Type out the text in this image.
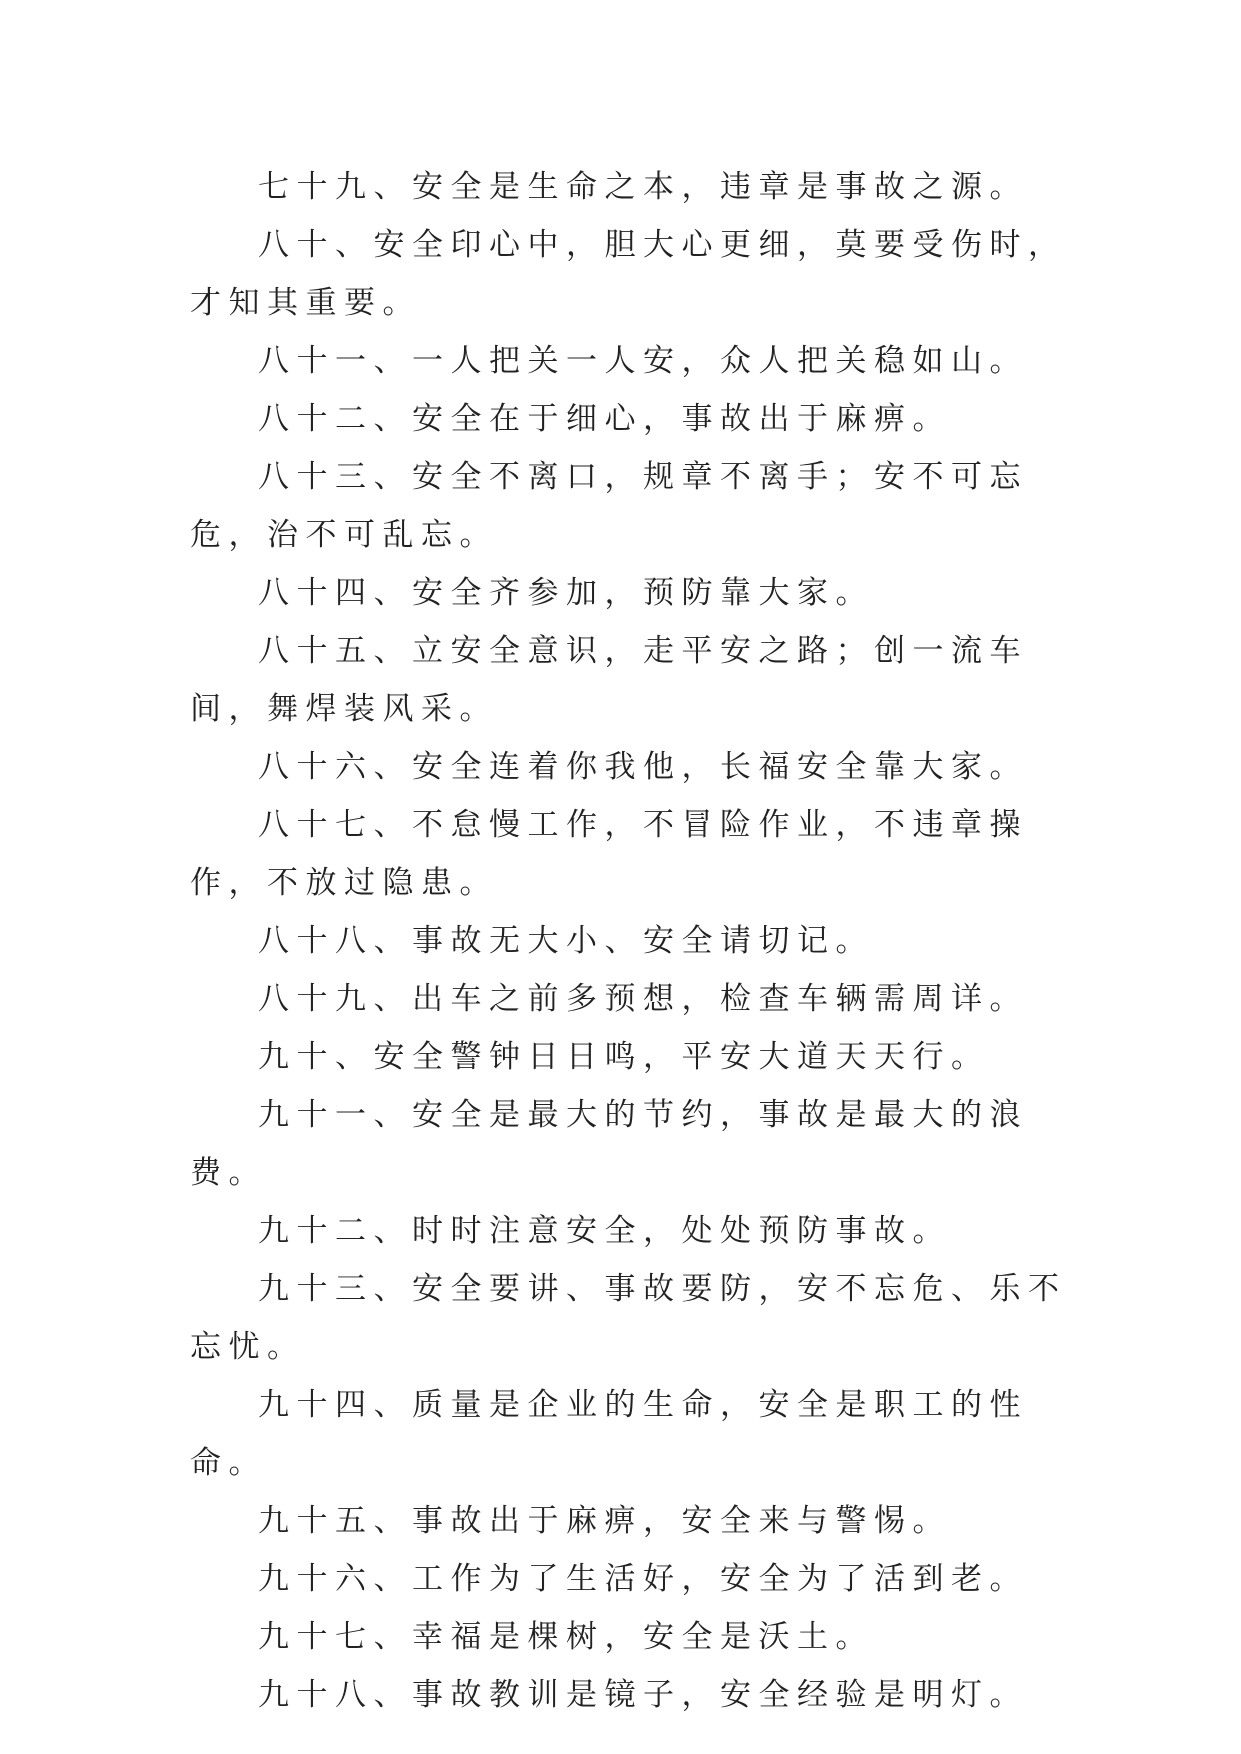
七十九、安全是生命之本，违章是事故之源。

八十、安全印心中，胆大心更细，莫要受伤时，才知其重要。

八十一、一人把关一人安，众人把关稳如山。

八十二、安全在于细心，事故出于麻痹。

八十三、安全不离口，规章不离手；安不可忘危，治不可乱忘。

八十四、安全齐参加，预防靠大家。

八十五、立安全意识，走平安之路；创一流车间，舞焊装风采。

八十六、安全连着你我他，长福安全靠大家。

八十七、不怠慢工作，不冒险作业，不违章操作，不放过隐患。

八十八、事故无大小、安全请切记。

八十九、出车之前多预想，检查车辆需周详。

九十、安全警钟日日鸣，平安大道天天行。

九十一、安全是最大的节约，事故是最大的浪费。

九十二、时时注意安全，处处预防事故。

九十三、安全要讲、事故要防，安不忘危、乐不忘忧。

九十四、质量是企业的生命，安全是职工的性命。

九十五、事故出于麻痹，安全来与警惕。

九十六、工作为了生活好，安全为了活到老。

九十七、幸福是棵树，安全是沃土。

九十八、事故教训是镜子，安全经验是明灯。
